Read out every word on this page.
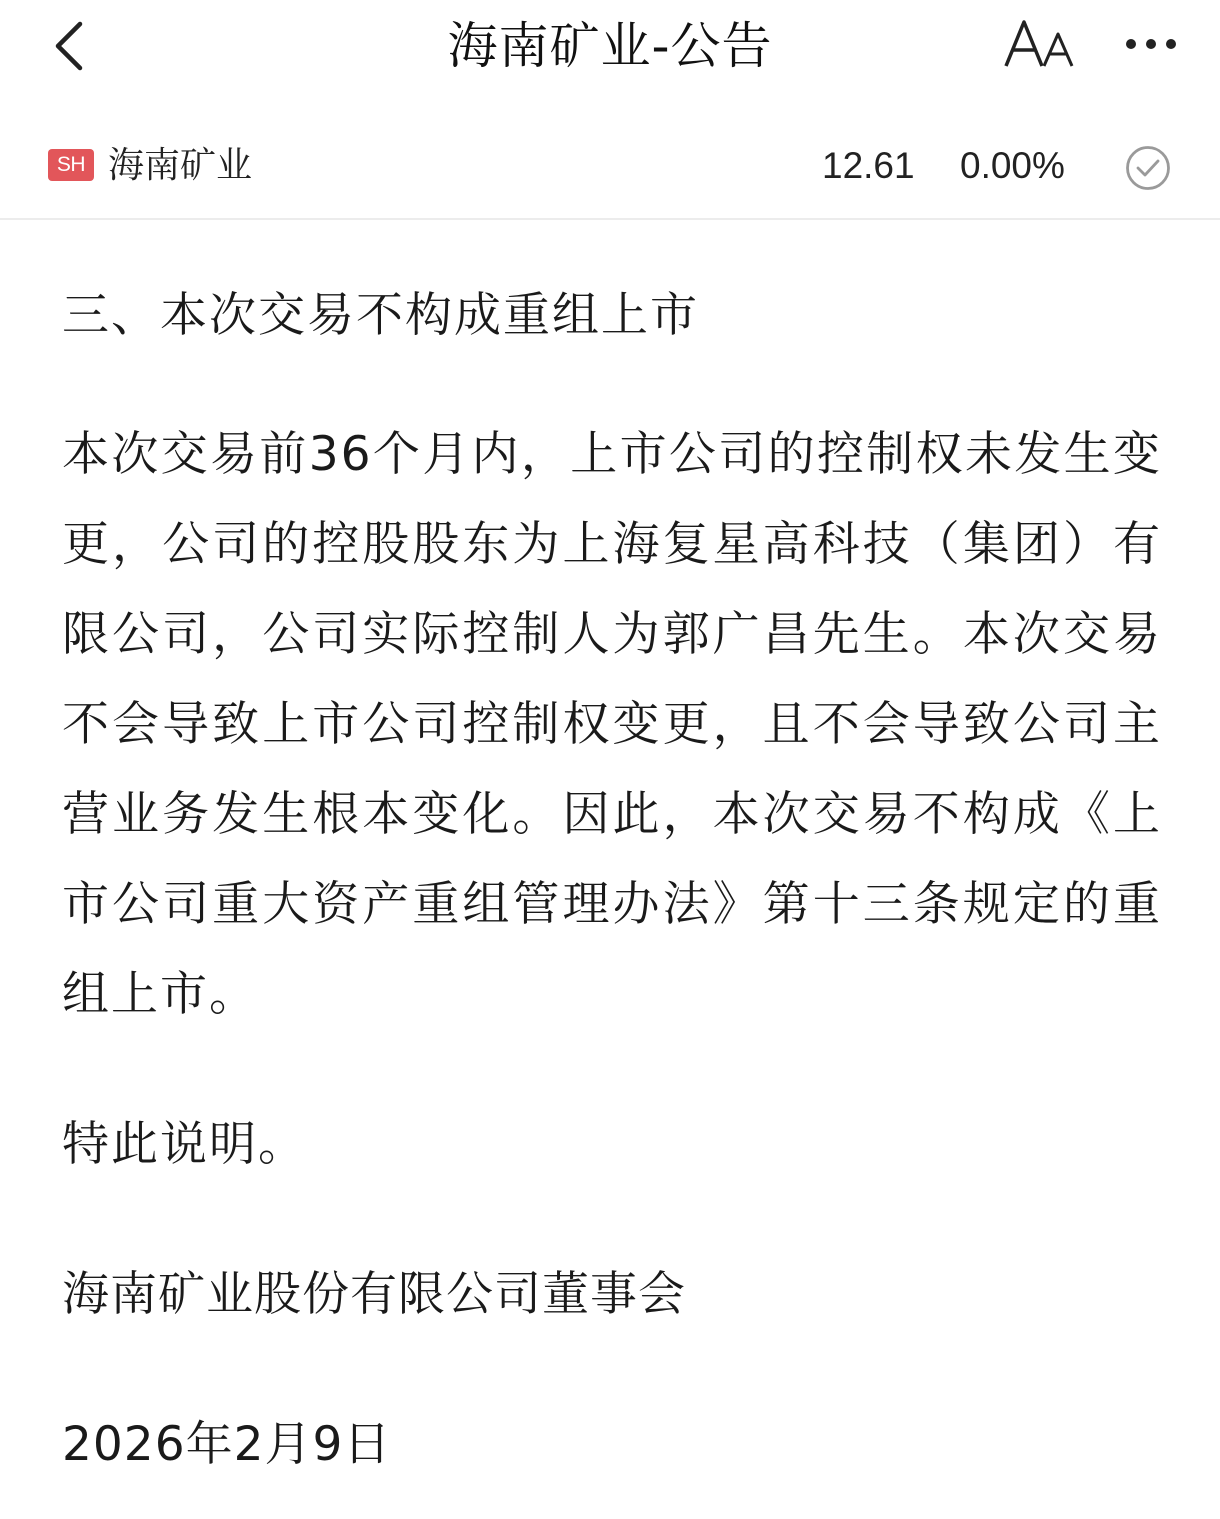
海南矿业-公告
SH 海南矿业	12.61 0.00%

三、本次交易不构成重组上市

本次交易前36个月内，上市公司的控制权未发生变更，公司的控股股东为上海复星高科技（集团）有限公司，公司实际控制人为郭广昌先生。本次交易不会导致上市公司控制权变更，且不会导致公司主营业务发生根本变化。因此，本次交易不构成《上市公司重大资产重组管理办法》第十三条规定的重组上市。

特此说明。

海南矿业股份有限公司董事会

2026年2月9日
